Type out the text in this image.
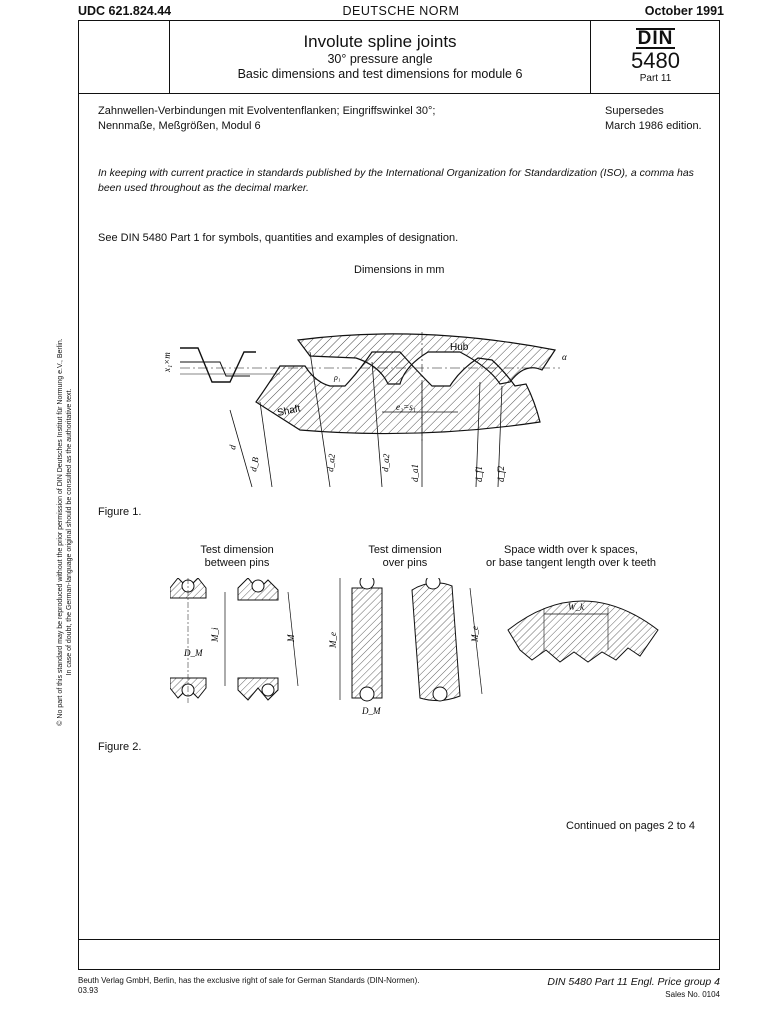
UDC 621.824.44	DEUTSCHE NORM	October 1991
Involute spline joints
30° pressure angle
Basic dimensions and test dimensions for module 6
DIN
5480
Part 11
Zahnwellen-Verbindungen mit Evolventenflanken; Eingriffswinkel 30°;
Nennmaße, Meßgrößen, Modul 6
Supersedes
March 1986 edition.
In keeping with current practice in standards published by the International Organization for Standardization (ISO), a comma has been used throughout as the decimal marker.
See DIN 5480 Part 1 for symbols, quantities and examples of designation.
Dimensions in mm
x₁×m
Hub
Shaft	e₂=s₁
ρ₁
α
d
d_B	d_a2	d_a2
d_a1	d_f1 d_f2
Figure 1.
Test dimension
between pins
Test dimension
over pins
Space width over k spaces,
or base tangent length over k teeth
M_i
D_M
M	M_e
D_M
M_e
W_k
Figure 2.
Continued on pages 2 to 4
© No part of this standard may be reproduced without the prior permission of DIN Deutsches Institut für Normung e.V., Berlin. In case of doubt, the German-language original should be consulted as the authoritative text.
Beuth Verlag GmbH, Berlin, has the exclusive right of sale for German Standards (DIN-Normen).
03.93
DIN 5480 Part 11 Engl. Price group 4
Sales No. 0104
